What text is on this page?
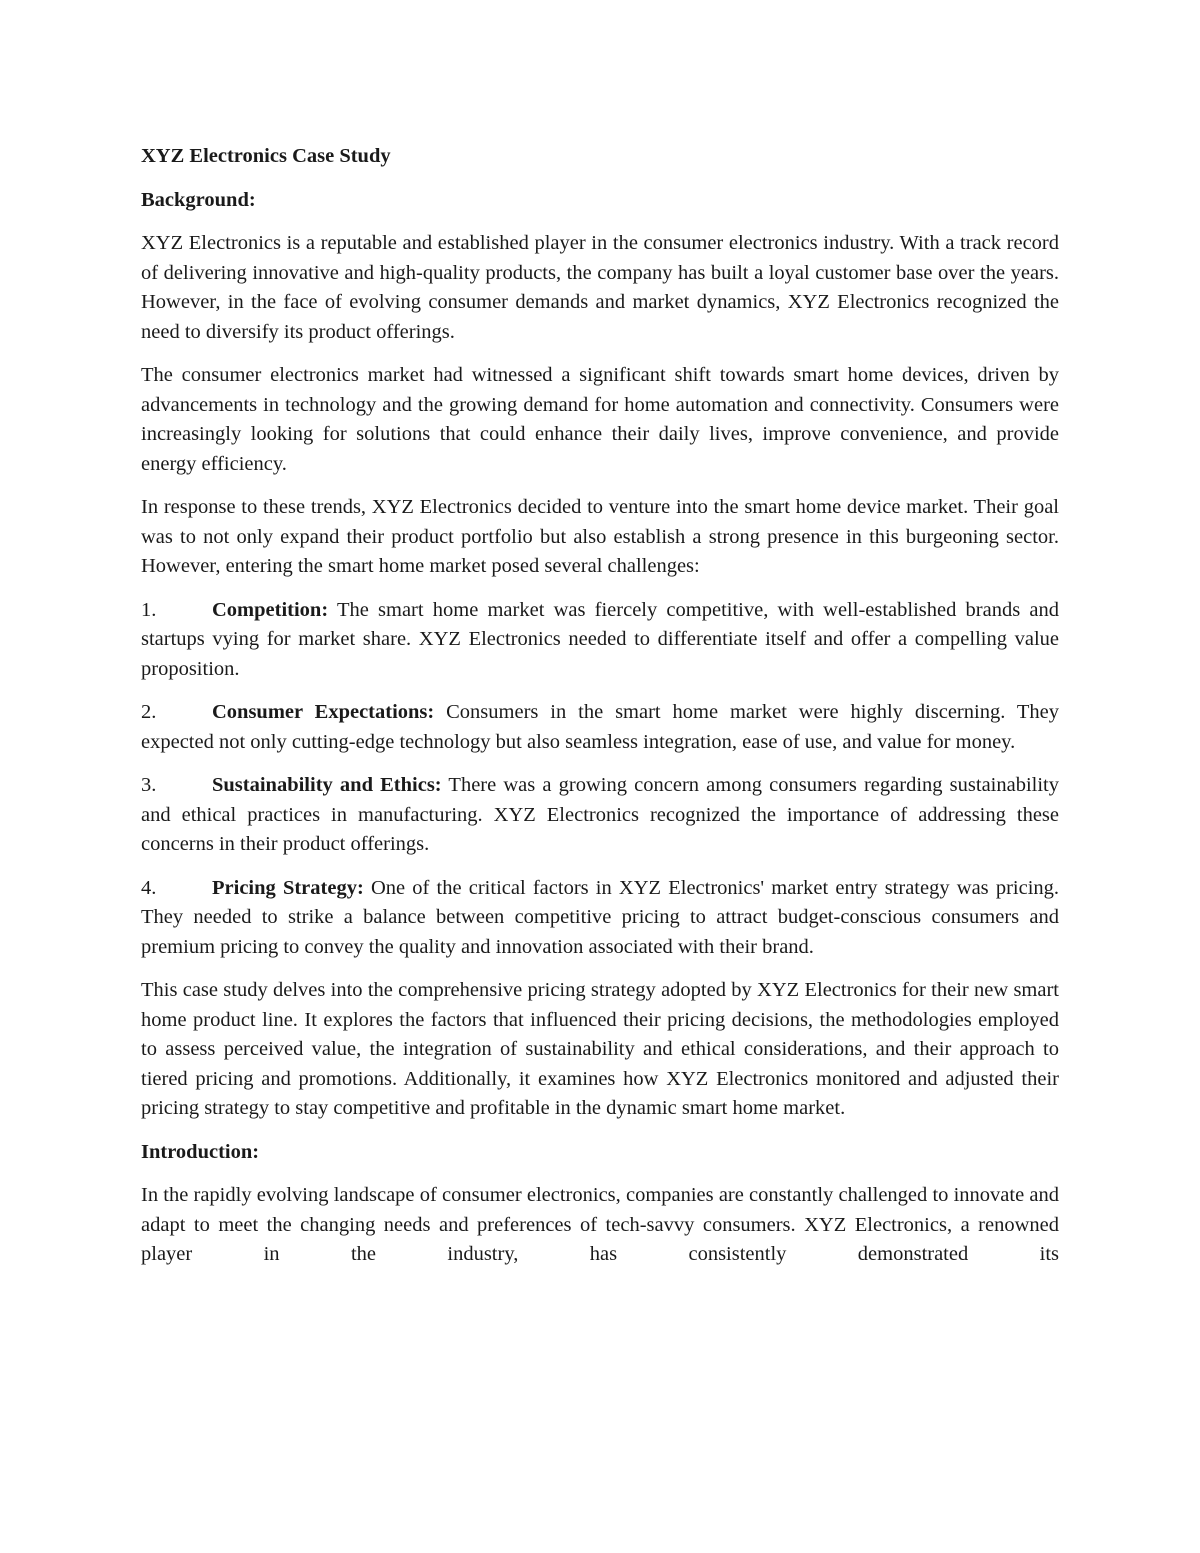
XYZ Electronics Case Study
Background:

XYZ Electronics is a reputable and established player in the consumer electronics industry. With a track record of delivering innovative and high-quality products, the company has built a loyal customer base over the years. However, in the face of evolving consumer demands and market dynamics, XYZ Electronics recognized the need to diversify its product offerings.

The consumer electronics market had witnessed a significant shift towards smart home devices, driven by advancements in technology and the growing demand for home automation and connectivity. Consumers were increasingly looking for solutions that could enhance their daily lives, improve convenience, and provide energy efficiency.

In response to these trends, XYZ Electronics decided to venture into the smart home device market. Their goal was to not only expand their product portfolio but also establish a strong presence in this burgeoning sector. However, entering the smart home market posed several challenges:

1.	Competition: The smart home market was fiercely competitive, with well-established brands and startups vying for market share. XYZ Electronics needed to differentiate itself and offer a compelling value proposition.

2.	Consumer Expectations: Consumers in the smart home market were highly discerning. They expected not only cutting-edge technology but also seamless integration, ease of use, and value for money.

3.	Sustainability and Ethics: There was a growing concern among consumers regarding sustainability and ethical practices in manufacturing. XYZ Electronics recognized the importance of addressing these concerns in their product offerings.

4.	Pricing Strategy: One of the critical factors in XYZ Electronics' market entry strategy was pricing. They needed to strike a balance between competitive pricing to attract budget-conscious consumers and premium pricing to convey the quality and innovation associated with their brand.

This case study delves into the comprehensive pricing strategy adopted by XYZ Electronics for their new smart home product line. It explores the factors that influenced their pricing decisions, the methodologies employed to assess perceived value, the integration of sustainability and ethical considerations, and their approach to tiered pricing and promotions. Additionally, it examines how XYZ Electronics monitored and adjusted their pricing strategy to stay competitive and profitable in the dynamic smart home market.

Introduction:

In the rapidly evolving landscape of consumer electronics, companies are constantly challenged to innovate and adapt to meet the changing needs and preferences of tech-savvy consumers. XYZ Electronics, a renowned player in the industry, has consistently demonstrated its
